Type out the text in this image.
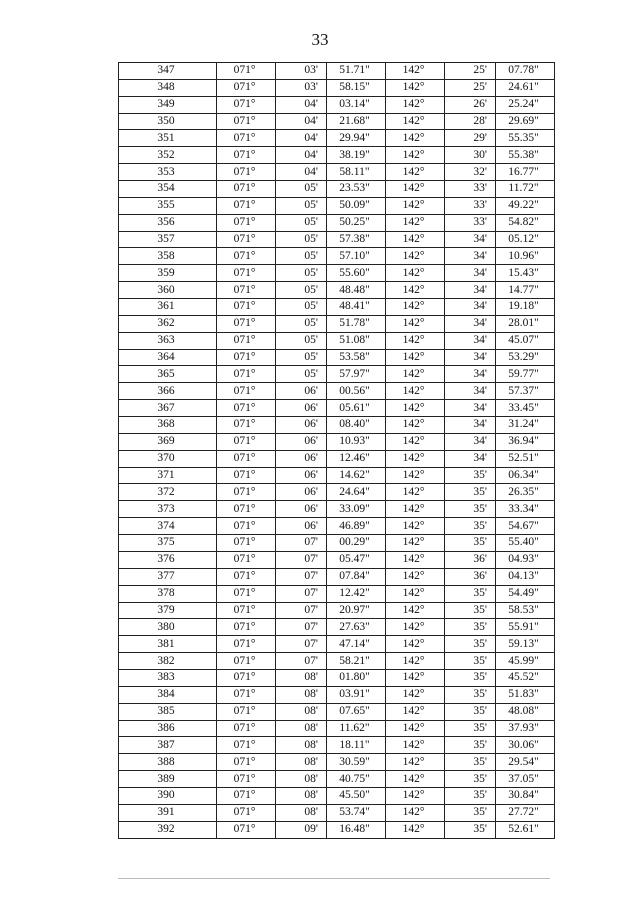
33
347	071°	03'	51.71"	142°	25'	07.78"
348	071°	03'	58.15"	142°	25'	24.61"
349	071°	04'	03.14"	142°	26'	25.24"
350	071°	04'	21.68"	142°	28'	29.69"
351	071°	04'	29.94"	142°	29'	55.35"
352	071°	04'	38.19"	142°	30'	55.38"
353	071°	04'	58.11"	142°	32'	16.77"
354	071°	05'	23.53"	142°	33'	11.72"
355	071°	05'	50.09"	142°	33'	49.22"
356	071°	05'	50.25"	142°	33'	54.82"
357	071°	05'	57.38"	142°	34'	05.12"
358	071°	05'	57.10"	142°	34'	10.96"
359	071°	05'	55.60"	142°	34'	15.43"
360	071°	05'	48.48"	142°	34'	14.77"
361	071°	05'	48.41"	142°	34'	19.18"
362	071°	05'	51.78"	142°	34'	28.01"
363	071°	05'	51.08"	142°	34'	45.07"
364	071°	05'	53.58"	142°	34'	53.29"
365	071°	05'	57.97"	142°	34'	59.77"
366	071°	06'	00.56"	142°	34'	57.37"
367	071°	06'	05.61"	142°	34'	33.45"
368	071°	06'	08.40"	142°	34'	31.24"
369	071°	06'	10.93"	142°	34'	36.94"
370	071°	06'	12.46"	142°	34'	52.51"
371	071°	06'	14.62"	142°	35'	06.34"
372	071°	06'	24.64"	142°	35'	26.35"
373	071°	06'	33.09"	142°	35'	33.34"
374	071°	06'	46.89"	142°	35'	54.67"
375	071°	07'	00.29"	142°	35'	55.40"
376	071°	07'	05.47"	142°	36'	04.93"
377	071°	07'	07.84"	142°	36'	04.13"
378	071°	07'	12.42"	142°	35'	54.49"
379	071°	07'	20.97"	142°	35'	58.53"
380	071°	07'	27.63"	142°	35'	55.91"
381	071°	07'	47.14"	142°	35'	59.13"
382	071°	07'	58.21"	142°	35'	45.99"
383	071°	08'	01.80"	142°	35'	45.52"
384	071°	08'	03.91"	142°	35'	51.83"
385	071°	08'	07.65"	142°	35'	48.08"
386	071°	08'	11.62"	142°	35'	37.93"
387	071°	08'	18.11"	142°	35'	30.06"
388	071°	08'	30.59"	142°	35'	29.54"
389	071°	08'	40.75"	142°	35'	37.05"
390	071°	08'	45.50"	142°	35'	30.84"
391	071°	08'	53.74"	142°	35'	27.72"
392	071°	09'	16.48"	142°	35'	52.61"
